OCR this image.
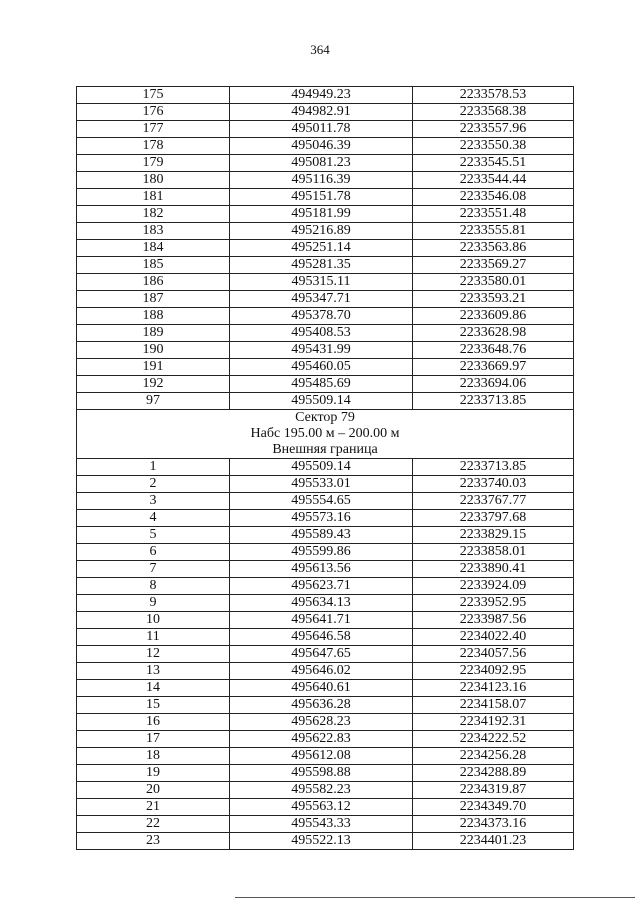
364
175	494949.23	2233578.53
176	494982.91	2233568.38
177	495011.78	2233557.96
178	495046.39	2233550.38
179	495081.23	2233545.51
180	495116.39	2233544.44
181	495151.78	2233546.08
182	495181.99	2233551.48
183	495216.89	2233555.81
184	495251.14	2233563.86
185	495281.35	2233569.27
186	495315.11	2233580.01
187	495347.71	2233593.21
188	495378.70	2233609.86
189	495408.53	2233628.98
190	495431.99	2233648.76
191	495460.05	2233669.97
192	495485.69	2233694.06
97	495509.14	2233713.85
Сектор 79		
Набс 195.00 м – 200.00 м		
Внешняя граница		
1	495509.14	2233713.85
2	495533.01	2233740.03
3	495554.65	2233767.77
4	495573.16	2233797.68
5	495589.43	2233829.15
6	495599.86	2233858.01
7	495613.56	2233890.41
8	495623.71	2233924.09
9	495634.13	2233952.95
10	495641.71	2233987.56
11	495646.58	2234022.40
12	495647.65	2234057.56
13	495646.02	2234092.95
14	495640.61	2234123.16
15	495636.28	2234158.07
16	495628.23	2234192.31
17	495622.83	2234222.52
18	495612.08	2234256.28
19	495598.88	2234288.89
20	495582.23	2234319.87
21	495563.12	2234349.70
22	495543.33	2234373.16
23	495522.13	2234401.23
